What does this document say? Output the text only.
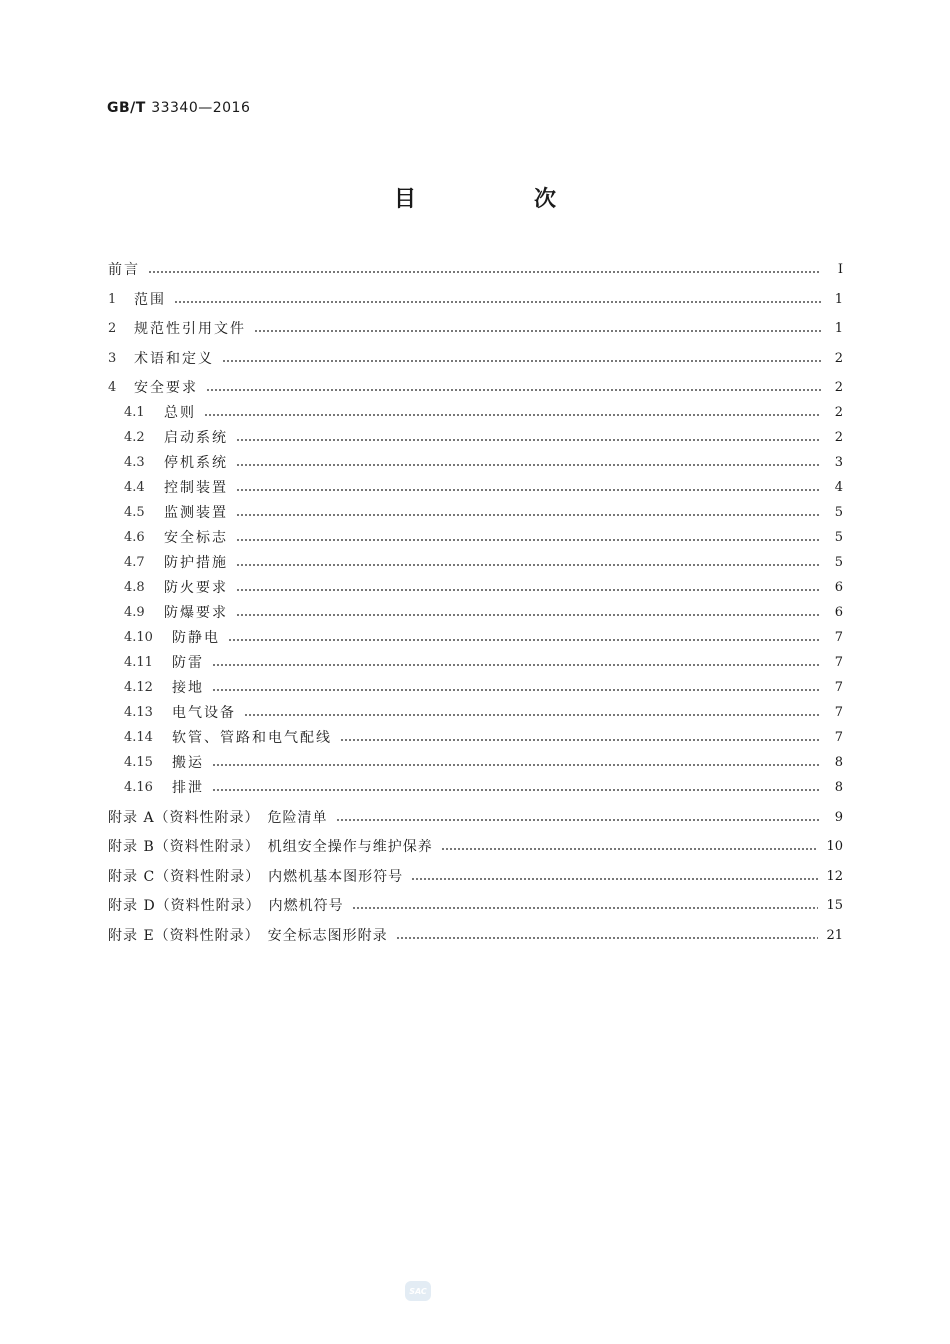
GB/T 33340—2016
目　次
前言	Ⅰ
1	范围	1
2	规范性引用文件	1
3	术语和定义	2
4	安全要求	2
4.1	总则	2
4.2	启动系统	2
4.3	停机系统	3
4.4	控制装置	4
4.5	监测装置	5
4.6	安全标志	5
4.7	防护措施	5
4.8	防火要求	6
4.9	防爆要求	6
4.10	防静电	7
4.11	防雷	7
4.12	接地	7
4.13	电气设备	7
4.14	软管、管路和电气配线	7
4.15	搬运	8
4.16	排泄	8
附录 A（资料性附录）　危险清单	9
附录 B（资料性附录）　机组安全操作与维护保养	10
附录 C（资料性附录）　内燃机基本图形符号	12
附录 D（资料性附录）　内燃机符号	15
附录 E（资料性附录）　安全标志图形附录	21
SAC
